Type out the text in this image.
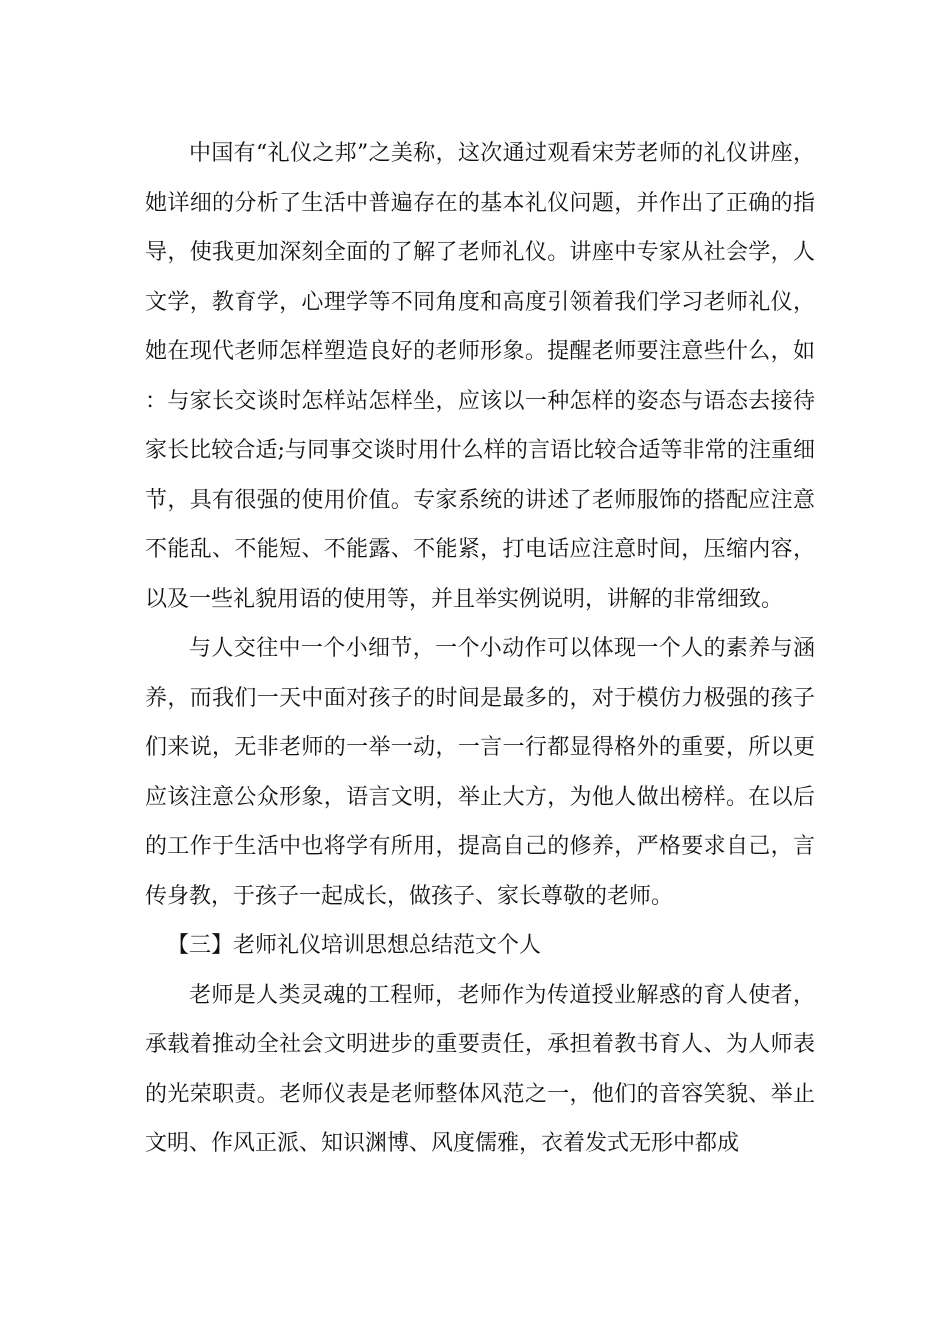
中国有“礼仪之邦”之美称，这次通过观看宋芳老师的礼仪讲座，她详细的分析了生活中普遍存在的基本礼仪问题，并作出了正确的指导，使我更加深刻全面的了解了老师礼仪。讲座中专家从社会学，人文学，教育学，心理学等不同角度和高度引领着我们学习老师礼仪，她在现代老师怎样塑造良好的老师形象。提醒老师要注意些什么，如：与家长交谈时怎样站怎样坐，应该以一种怎样的姿态与语态去接待家长比较合适;与同事交谈时用什么样的言语比较合适等非常的注重细节，具有很强的使用价值。专家系统的讲述了老师服饰的搭配应注意不能乱、不能短、不能露、不能紧，打电话应注意时间，压缩内容，以及一些礼貌用语的使用等，并且举实例说明，讲解的非常细致。

与人交往中一个小细节，一个小动作可以体现一个人的素养与涵养，而我们一天中面对孩子的时间是最多的，对于模仿力极强的孩子们来说，无非老师的一举一动，一言一行都显得格外的重要，所以更应该注意公众形象，语言文明，举止大方，为他人做出榜样。在以后的工作于生活中也将学有所用，提高自己的修养，严格要求自己，言传身教，于孩子一起成长，做孩子、家长尊敬的老师。

【三】老师礼仪培训思想总结范文个人

老师是人类灵魂的工程师，老师作为传道授业解惑的育人使者，承载着推动全社会文明进步的重要责任，承担着教书育人、为人师表的光荣职责。老师仪表是老师整体风范之一，他们的音容笑貌、举止文明、作风正派、知识渊博、风度儒雅，衣着发式无形中都成
